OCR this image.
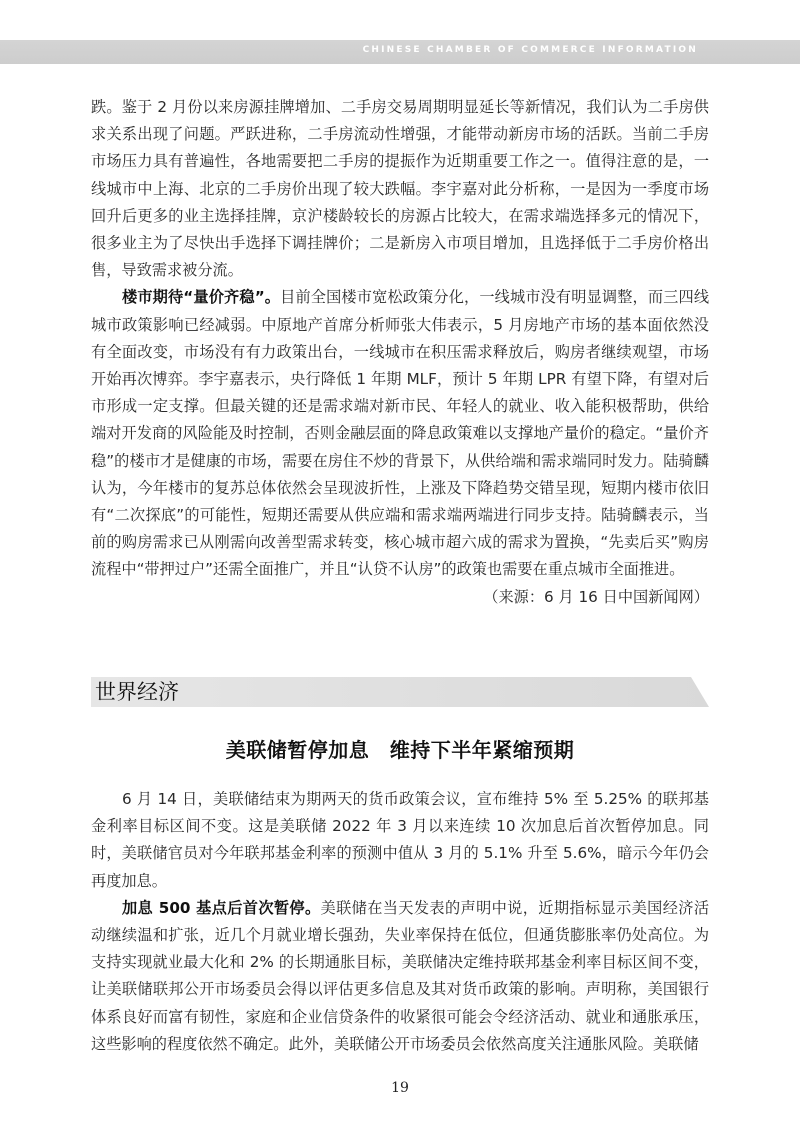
CHINESE CHAMBER OF COMMERCE INFORMATION

跌。鉴于 2 月份以来房源挂牌增加、二手房交易周期明显延长等新情况，我们认为二手房供求关系出现了问题。严跃进称，二手房流动性增强，才能带动新房市场的活跃。当前二手房市场压力具有普遍性，各地需要把二手房的提振作为近期重要工作之一。值得注意的是，一线城市中上海、北京的二手房价出现了较大跌幅。李宇嘉对此分析称，一是因为一季度市场回升后更多的业主选择挂牌，京沪楼龄较长的房源占比较大，在需求端选择多元的情况下，很多业主为了尽快出手选择下调挂牌价；二是新房入市项目增加，且选择低于二手房价格出售，导致需求被分流。

楼市期待“量价齐稳”。目前全国楼市宽松政策分化，一线城市没有明显调整，而三四线城市政策影响已经减弱。中原地产首席分析师张大伟表示，5 月房地产市场的基本面依然没有全面改变，市场没有有力政策出台，一线城市在积压需求释放后，购房者继续观望，市场开始再次博弈。李宇嘉表示，央行降低 1 年期 MLF，预计 5 年期 LPR 有望下降，有望对后市形成一定支撑。但最关键的还是需求端对新市民、年轻人的就业、收入能积极帮助，供给端对开发商的风险能及时控制，否则金融层面的降息政策难以支撑地产量价的稳定。“量价齐稳”的楼市才是健康的市场，需要在房住不炒的背景下，从供给端和需求端同时发力。陆骑麟认为，今年楼市的复苏总体依然会呈现波折性，上涨及下降趋势交错呈现，短期内楼市依旧有“二次探底”的可能性，短期还需要从供应端和需求端两端进行同步支持。陆骑麟表示，当前的购房需求已从刚需向改善型需求转变，核心城市超六成的需求为置换，“先卖后买”购房流程中“带押过户”还需全面推广，并且“认贷不认房”的政策也需要在重点城市全面推进。

（来源：6 月 16 日中国新闻网）

世界经济
美联储暂停加息　维持下半年紧缩预期

6 月 14 日，美联储结束为期两天的货币政策会议，宣布维持 5% 至 5.25% 的联邦基金利率目标区间不变。这是美联储 2022 年 3 月以来连续 10 次加息后首次暂停加息。同时，美联储官员对今年联邦基金利率的预测中值从 3 月的 5.1% 升至 5.6%，暗示今年仍会再度加息。

加息 500 基点后首次暂停。美联储在当天发表的声明中说，近期指标显示美国经济活动继续温和扩张，近几个月就业增长强劲，失业率保持在低位，但通货膨胀率仍处高位。为支持实现就业最大化和 2% 的长期通胀目标，美联储决定维持联邦基金利率目标区间不变，让美联储联邦公开市场委员会得以评估更多信息及其对货币政策的影响。声明称，美国银行体系良好而富有韧性，家庭和企业信贷条件的收紧很可能会令经济活动、就业和通胀承压，这些影响的程度依然不确定。此外，美联储公开市场委员会依然高度关注通胀风险。美联储

19
